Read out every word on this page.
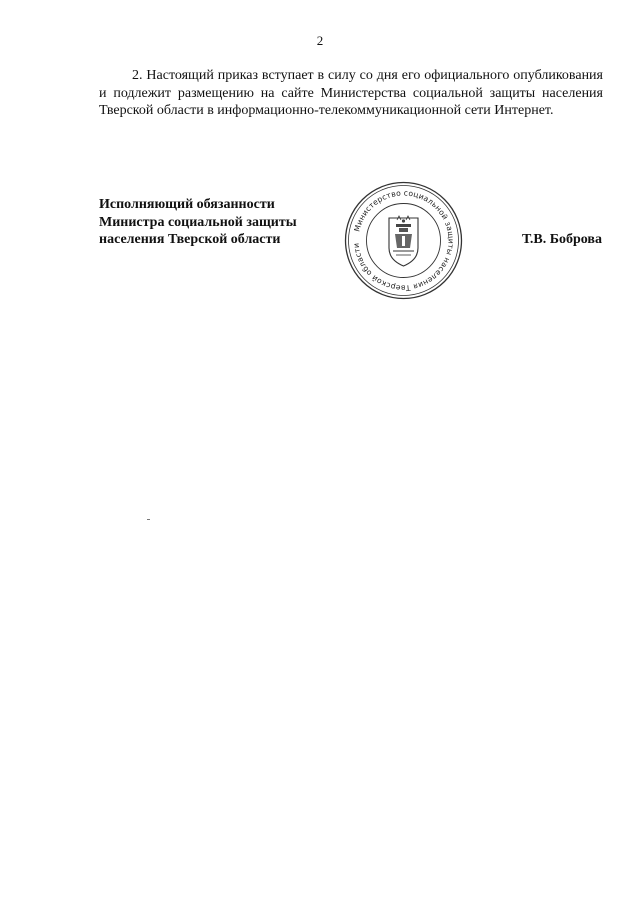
2

2. Настоящий приказ вступает в силу со дня его официального опубликования и подлежит размещению на сайте Министерства социальной защиты населения Тверской области в информационно-телекоммуникационной сети Интернет.

Исполняющий обязанности
Министра социальной защиты
населения Тверской области
Министерство социальной защиты населения Тверской области	Т.В. Боброва
